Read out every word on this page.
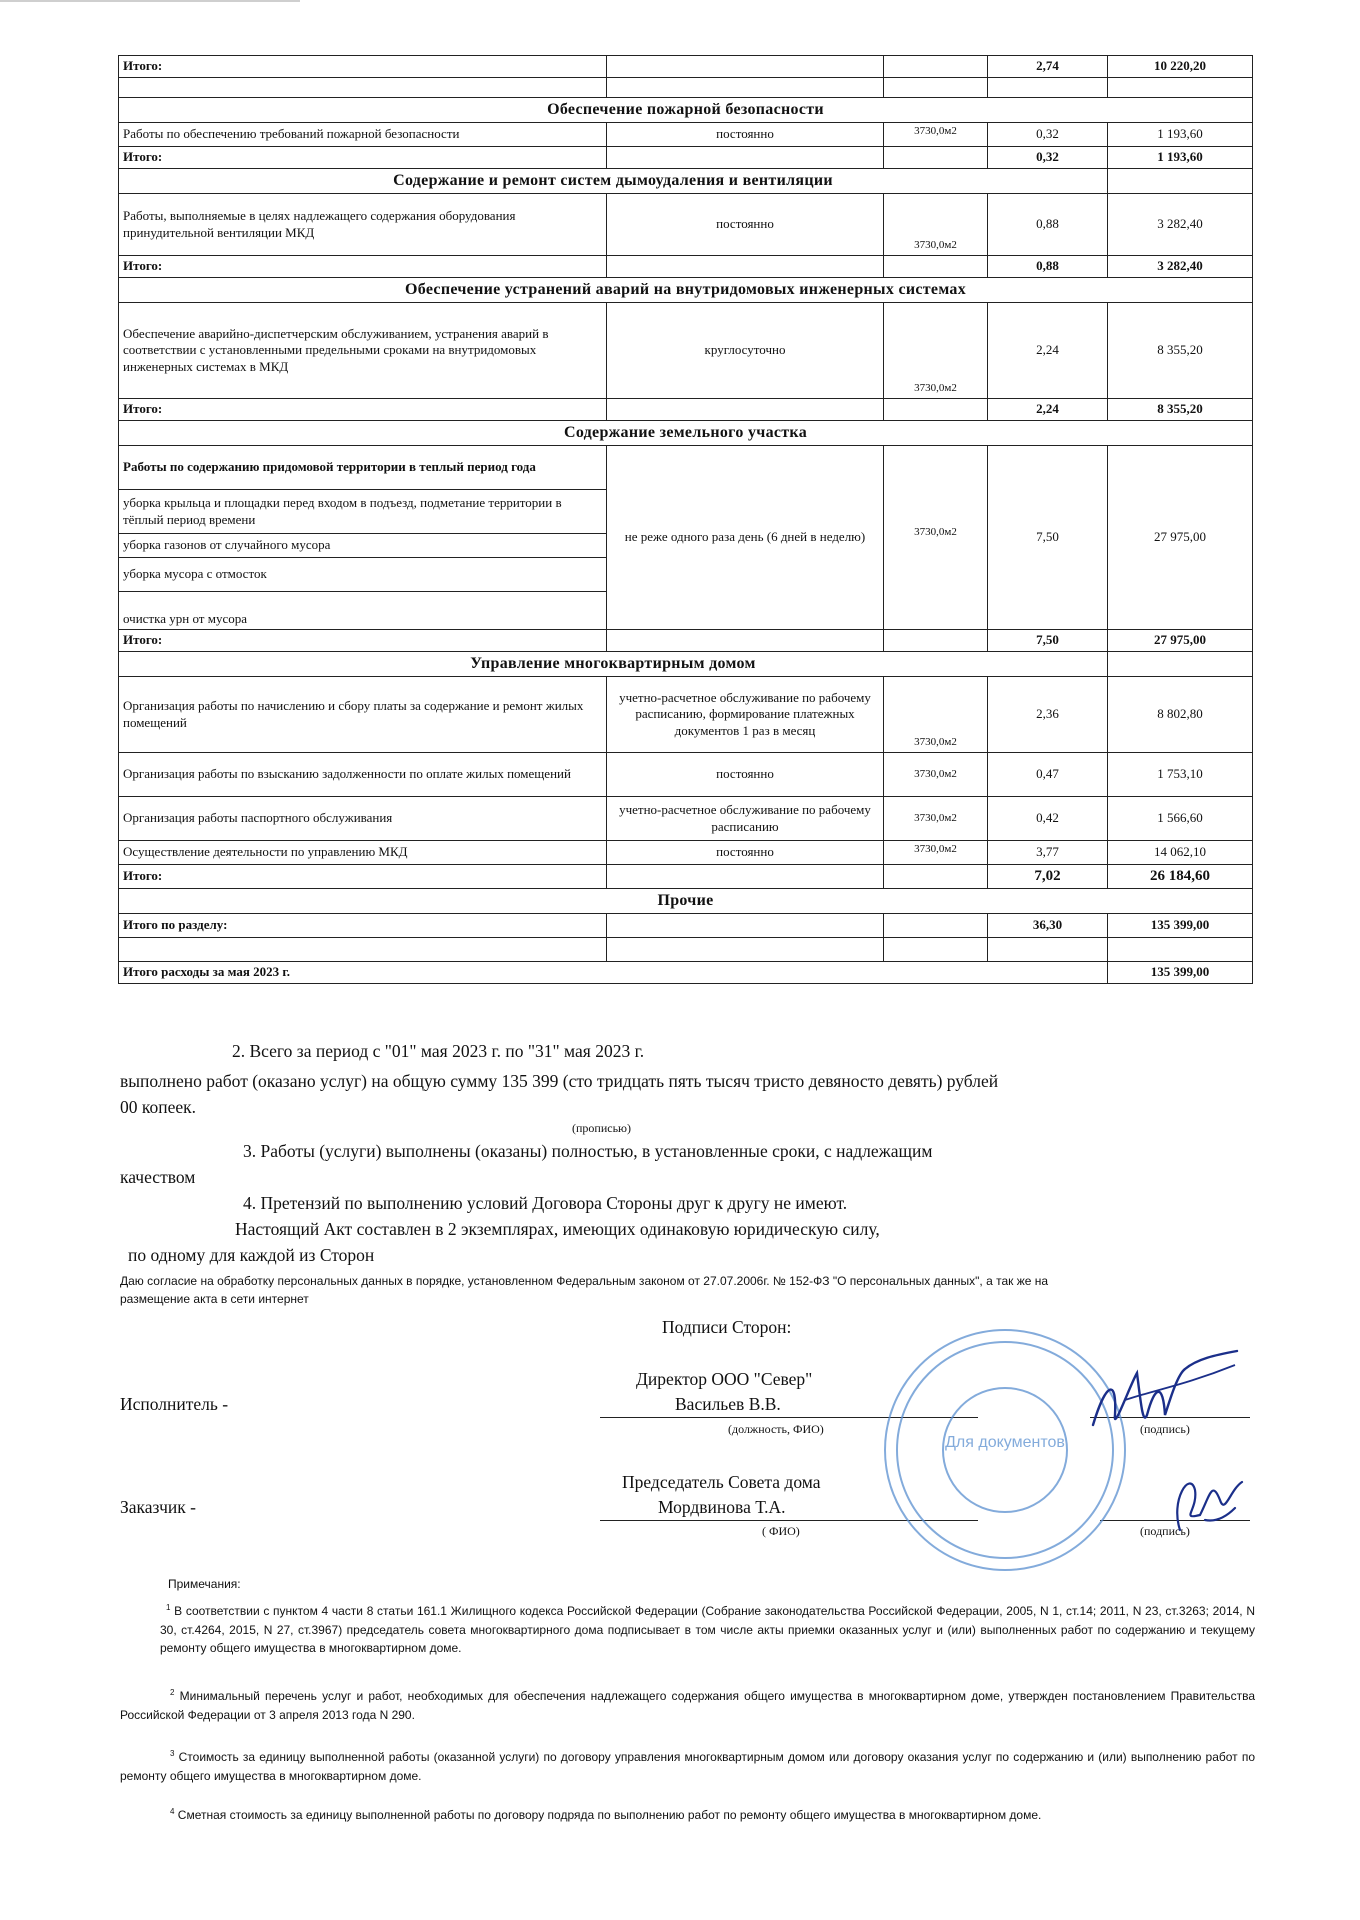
Итого:			2,74	10 220,20

Обеспечение пожарной безопасности				
Работы по обеспечению требований пожарной безопасности	постоянно	3730,0м2	0,32	1 193,60
Итого:			0,32	1 193,60
Содержание и ремонт систем дымоудаления и вентиляции				
Работы, выполняемые в целях надлежащего содержания оборудования принудительной вентиляции МКД	постоянно	3730,0м2	0,88	3 282,40
Итого:			0,88	3 282,40
Обеспечение устранений аварий на внутридомовых инженерных системах				
Обеспечение аварийно-диспетчерским обслуживанием, устранения аварий в соответствии с установленными предельными сроками на внутридомовых инженерных системах в МКД	круглосуточно	3730,0м2	2,24	8 355,20
Итого:			2,24	8 355,20
Содержание земельного участка				
Работы по содержанию придомовой территории в теплый период года	не реже одного раза день (6 дней в неделю)	3730,0м2	7,50	27 975,00
уборка крыльца и площадки перед входом в подъезд, подметание территории в тёплый период времени				
уборка газонов от случайного мусора				
уборка мусора с отмосток				
очистка урн от мусора				
Итого:			7,50	27 975,00
Управление многоквартирным домом				
Организация работы по начислению и сбору платы за содержание и ремонт жилых помещений	учетно-расчетное обслуживание по рабочему расписанию, формирование платежных документов 1 раз в месяц	3730,0м2	2,36	8 802,80
Организация работы по взысканию задолженности по оплате жилых помещений	постоянно	3730,0м2	0,47	1 753,10
Организация работы паспортного обслуживания	учетно-расчетное обслуживание по рабочему расписанию	3730,0м2	0,42	1 566,60
Осуществление деятельности по управлению МКД	постоянно	3730,0м2	3,77	14 062,10
Итого:			7,02	26 184,60
Прочие				
Итого по разделу:			36,30	135 399,00

Итого расходы за мая 2023 г.				135 399,00
2. Всего за период с "01" мая 2023 г. по "31" мая 2023 г.
выполнено работ (оказано услуг) на общую сумму 135 399 (сто тридцать пять тысяч тристо девяносто девять) рублей
00 копеек.
(прописью)
3. Работы (услуги) выполнены (оказаны) полностью, в установленные сроки, с надлежащим
качеством
4. Претензий по выполнению условий Договора Стороны друг к другу не имеют.
Настоящий Акт составлен в 2 экземплярах, имеющих одинаковую юридическую силу,
по одному для каждой из Сторон
Даю согласие на обработку персональных данных в порядке, установленном Федеральным законом от 27.07.2006г. № 152-ФЗ "О персональных данных", а так же на
размещение акта в сети интернет
Подписи Сторон:
Исполнитель -
Директор ООО "Север"
Васильев В.В.
(должность, ФИО)	(подпись)
Заказчик -
Председатель Совета дома
Мордвинова Т.А.
( ФИО)	(подпись)
Для документов
Примечания:
$^1$ В соответствии с пунктом 4 части 8 статьи 161.1 Жилищного кодекса Российской Федерации (Собрание законодательства Российской Федерации, 2005, N 1, ст.14; 2011, N 23, ст.3263; 2014, N 30, ст.4264, 2015, N 27, ст.3967) председатель совета многоквартирного дома подписывает в том числе акты приемки оказанных услуг и (или) выполненных работ по содержанию и текущему ремонту общего имущества в многоквартирном доме.
$^2$ Минимальный перечень услуг и работ, необходимых для обеспечения надлежащего содержания общего имущества в многоквартирном доме, утвержден постановлением Правительства Российской Федерации от 3 апреля 2013 года N 290.
$^3$ Стоимость за единицу выполненной работы (оказанной услуги) по договору управления многоквартирным домом или договору оказания услуг по содержанию и (или) выполнению работ по ремонту общего имущества в многоквартирном доме.
$^4$ Сметная стоимость за единицу выполненной работы по договору подряда по выполнению работ по ремонту общего имущества в многоквартирном доме.
